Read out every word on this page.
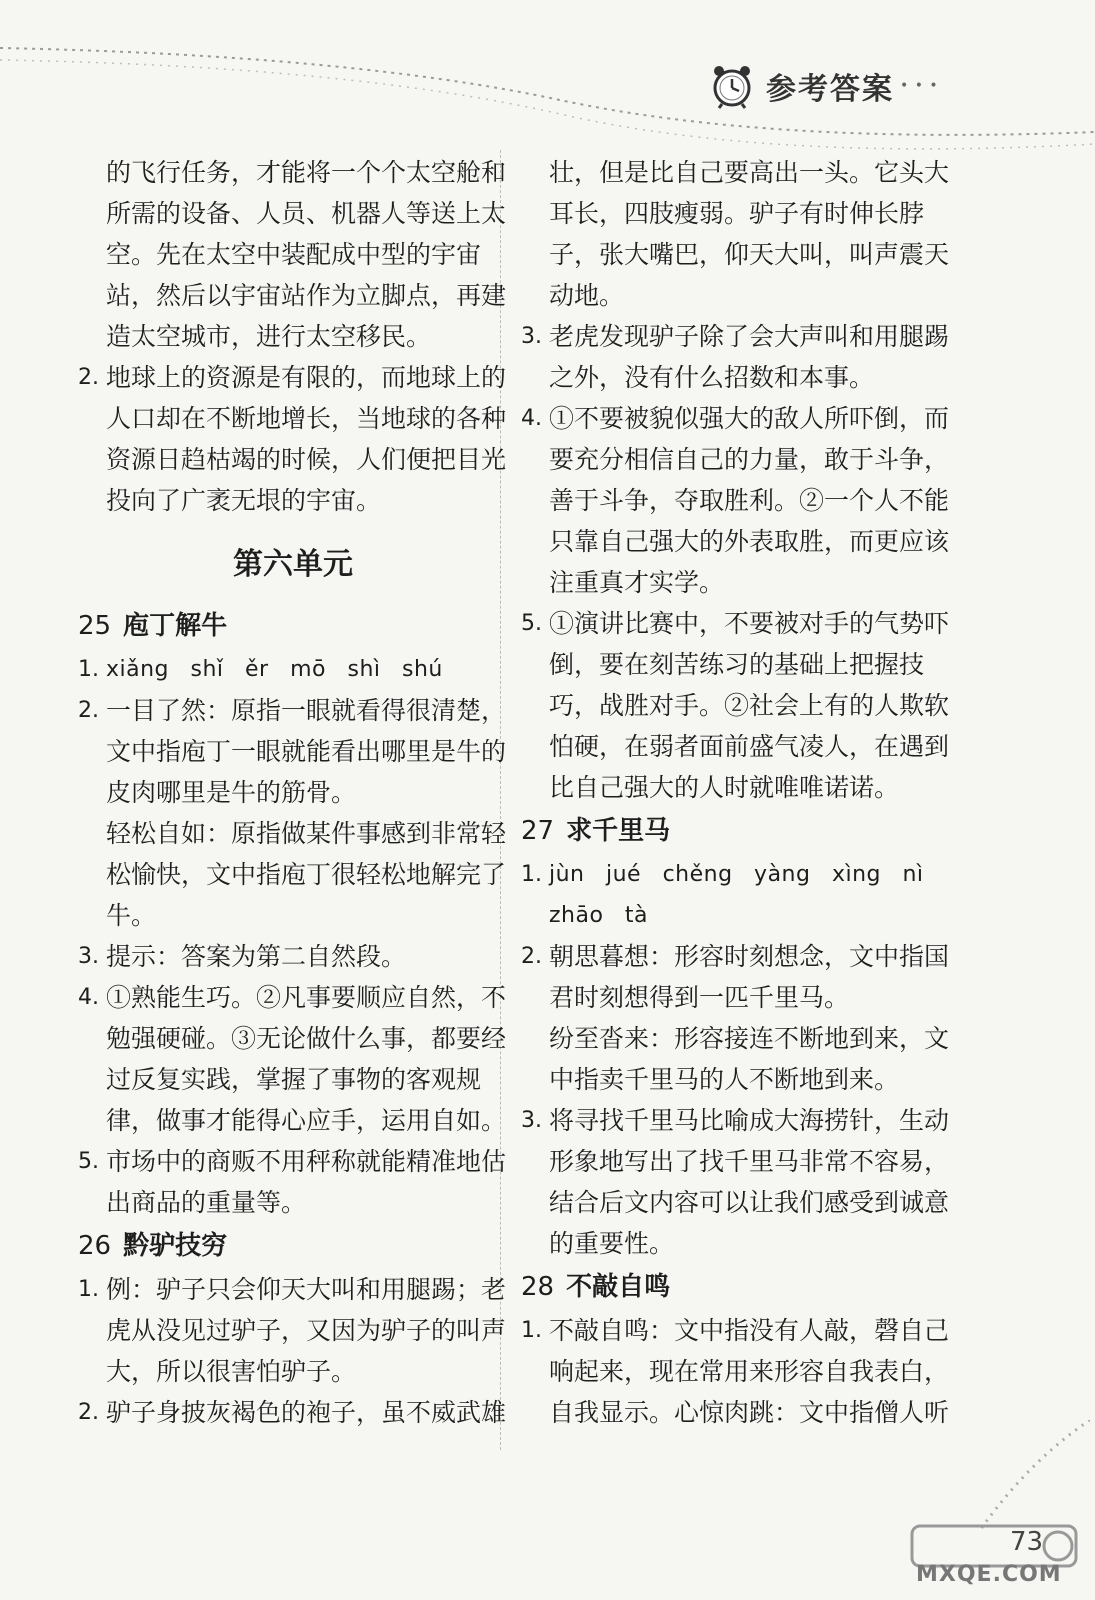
参考答案 • • •

的飞行任务，才能将一个个太空舱和所需的设备、人员、机器人等送上太空。先在太空中装配成中型的宇宙站，然后以宇宙站作为立脚点，再建造太空城市，进行太空移民。

2. 地球上的资源是有限的，而地球上的人口却在不断地增长，当地球的各种资源日趋枯竭的时候，人们便把目光投向了广袤无垠的宇宙。
第六单元
25 庖丁解牛
1. xiǎng shǐ ěr mō shì shú
2. 一目了然：原指一眼就看得很清楚，文中指庖丁一眼就能看出哪里是牛的皮肉哪里是牛的筋骨。

轻松自如：原指做某件事感到非常轻松愉快，文中指庖丁很轻松地解完了牛。

3. 提示：答案为第二自然段。
4. ①熟能生巧。②凡事要顺应自然，不勉强硬碰。③无论做什么事，都要经过反复实践，掌握了事物的客观规律，做事才能得心应手，运用自如。
5. 市场中的商贩不用秤称就能精准地估出商品的重量等。
26 黔驴技穷
1. 例：驴子只会仰天大叫和用腿踢；老虎从没见过驴子，又因为驴子的叫声大，所以很害怕驴子。
2. 驴子身披灰褐色的袍子，虽不威武雄

壮，但是比自己要高出一头。它头大耳长，四肢瘦弱。驴子有时伸长脖子，张大嘴巴，仰天大叫，叫声震天动地。

3. 老虎发现驴子除了会大声叫和用腿踢之外，没有什么招数和本事。
4. ①不要被貌似强大的敌人所吓倒，而要充分相信自己的力量，敢于斗争，善于斗争，夺取胜利。②一个人不能只靠自己强大的外表取胜，而更应该注重真才实学。
5. ①演讲比赛中，不要被对手的气势吓倒，要在刻苦练习的基础上把握技巧，战胜对手。②社会上有的人欺软怕硬，在弱者面前盛气凌人，在遇到比自己强大的人时就唯唯诺诺。
27 求千里马
1. jùn jué chěng yàng xìng nì zhāo tà
2. 朝思暮想：形容时刻想念，文中指国君时刻想得到一匹千里马。

纷至沓来：形容接连不断地到来，文中指卖千里马的人不断地到来。

3. 将寻找千里马比喻成大海捞针，生动形象地写出了找千里马非常不容易，结合后文内容可以让我们感受到诚意的重要性。
28 不敲自鸣
1. 不敲自鸣：文中指没有人敲，磬自己响起来，现在常用来形容自我表白，自我显示。心惊肉跳：文中指僧人听
73
MXQE.COM
